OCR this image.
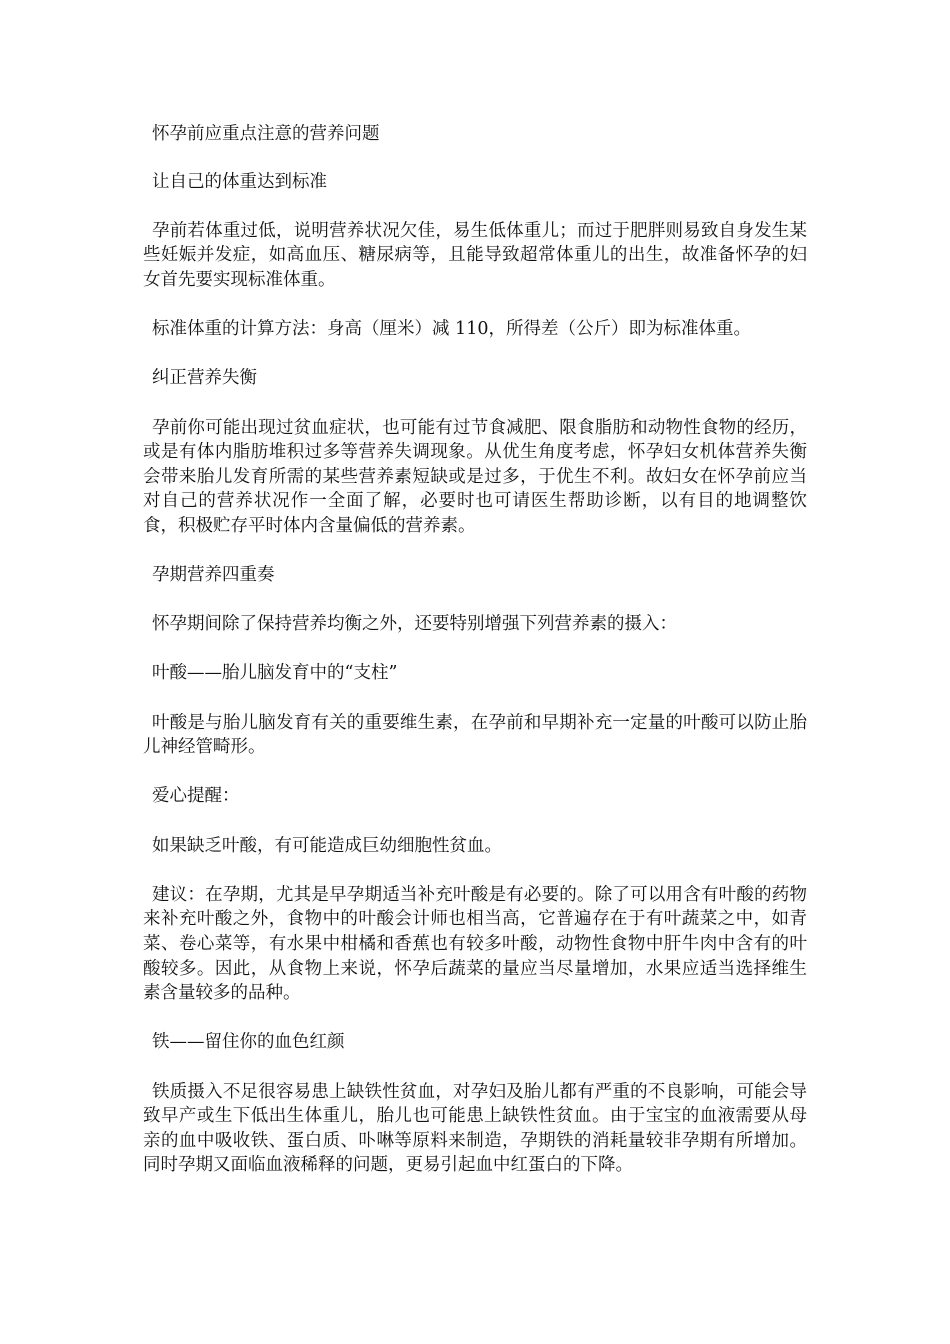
怀孕前应重点注意的营养问题

让自己的体重达到标准

孕前若体重过低，说明营养状况欠佳，易生低体重儿；而过于肥胖则易致自身发生某些妊娠并发症，如高血压、糖尿病等，且能导致超常体重儿的出生，故准备怀孕的妇女首先要实现标准体重。

标准体重的计算方法：身高（厘米）减 110，所得差（公斤）即为标准体重。

纠正营养失衡

孕前你可能出现过贫血症状，也可能有过节食减肥、限食脂肪和动物性食物的经历，或是有体内脂肪堆积过多等营养失调现象。从优生角度考虑，怀孕妇女机体营养失衡会带来胎儿发育所需的某些营养素短缺或是过多，于优生不利。故妇女在怀孕前应当对自己的营养状况作一全面了解，必要时也可请医生帮助诊断，以有目的地调整饮食，积极贮存平时体内含量偏低的营养素。

孕期营养四重奏

怀孕期间除了保持营养均衡之外，还要特别增强下列营养素的摄入：

叶酸——胎儿脑发育中的“支柱”

叶酸是与胎儿脑发育有关的重要维生素，在孕前和早期补充一定量的叶酸可以防止胎儿神经管畸形。

爱心提醒：

如果缺乏叶酸，有可能造成巨幼细胞性贫血。

建议：在孕期，尤其是早孕期适当补充叶酸是有必要的。除了可以用含有叶酸的药物来补充叶酸之外，食物中的叶酸会计师也相当高，它普遍存在于有叶蔬菜之中，如青菜、卷心菜等，有水果中柑橘和香蕉也有较多叶酸，动物性食物中肝牛肉中含有的叶酸较多。因此，从食物上来说，怀孕后蔬菜的量应当尽量增加，水果应适当选择维生素含量较多的品种。

铁——留住你的血色红颜

铁质摄入不足很容易患上缺铁性贫血，对孕妇及胎儿都有严重的不良影响，可能会导致早产或生下低出生体重儿，胎儿也可能患上缺铁性贫血。由于宝宝的血液需要从母亲的血中吸收铁、蛋白质、卟啉等原料来制造，孕期铁的消耗量较非孕期有所增加。同时孕期又面临血液稀释的问题，更易引起血中红蛋白的下降。
